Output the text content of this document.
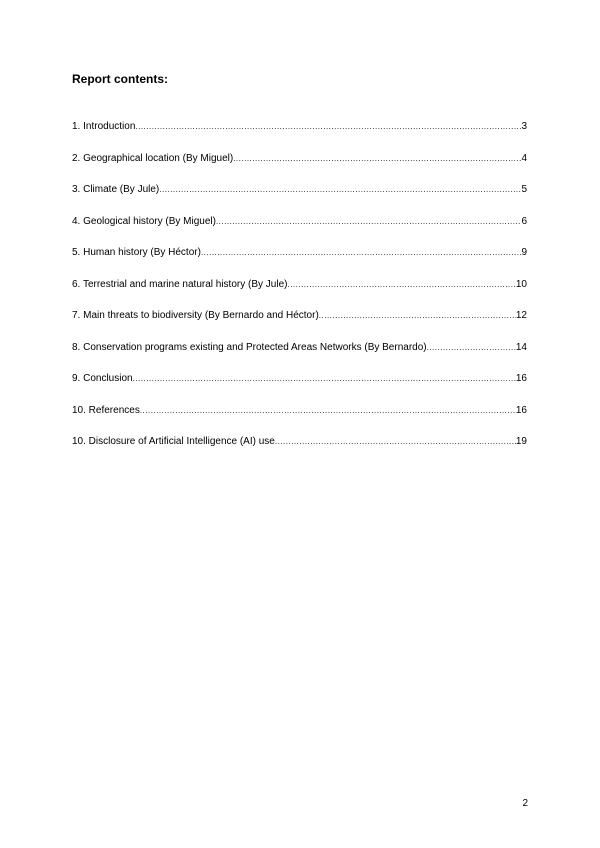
Report contents:
1. Introduction .....	3
2. Geographical location (By Miguel) .....	4
3. Climate (By Jule) .....	5
4. Geological history (By Miguel) .....	6
5. Human history (By Héctor) .....	9
6. Terrestrial and marine natural history (By Jule) .....	10
7. Main threats to biodiversity (By Bernardo and Héctor) .....	12
8. Conservation programs existing and Protected Areas Networks (By Bernardo) .....	14
9. Conclusion .....	16
10. References .....	16
10. Disclosure of Artificial Intelligence (AI) use .....	19
2
